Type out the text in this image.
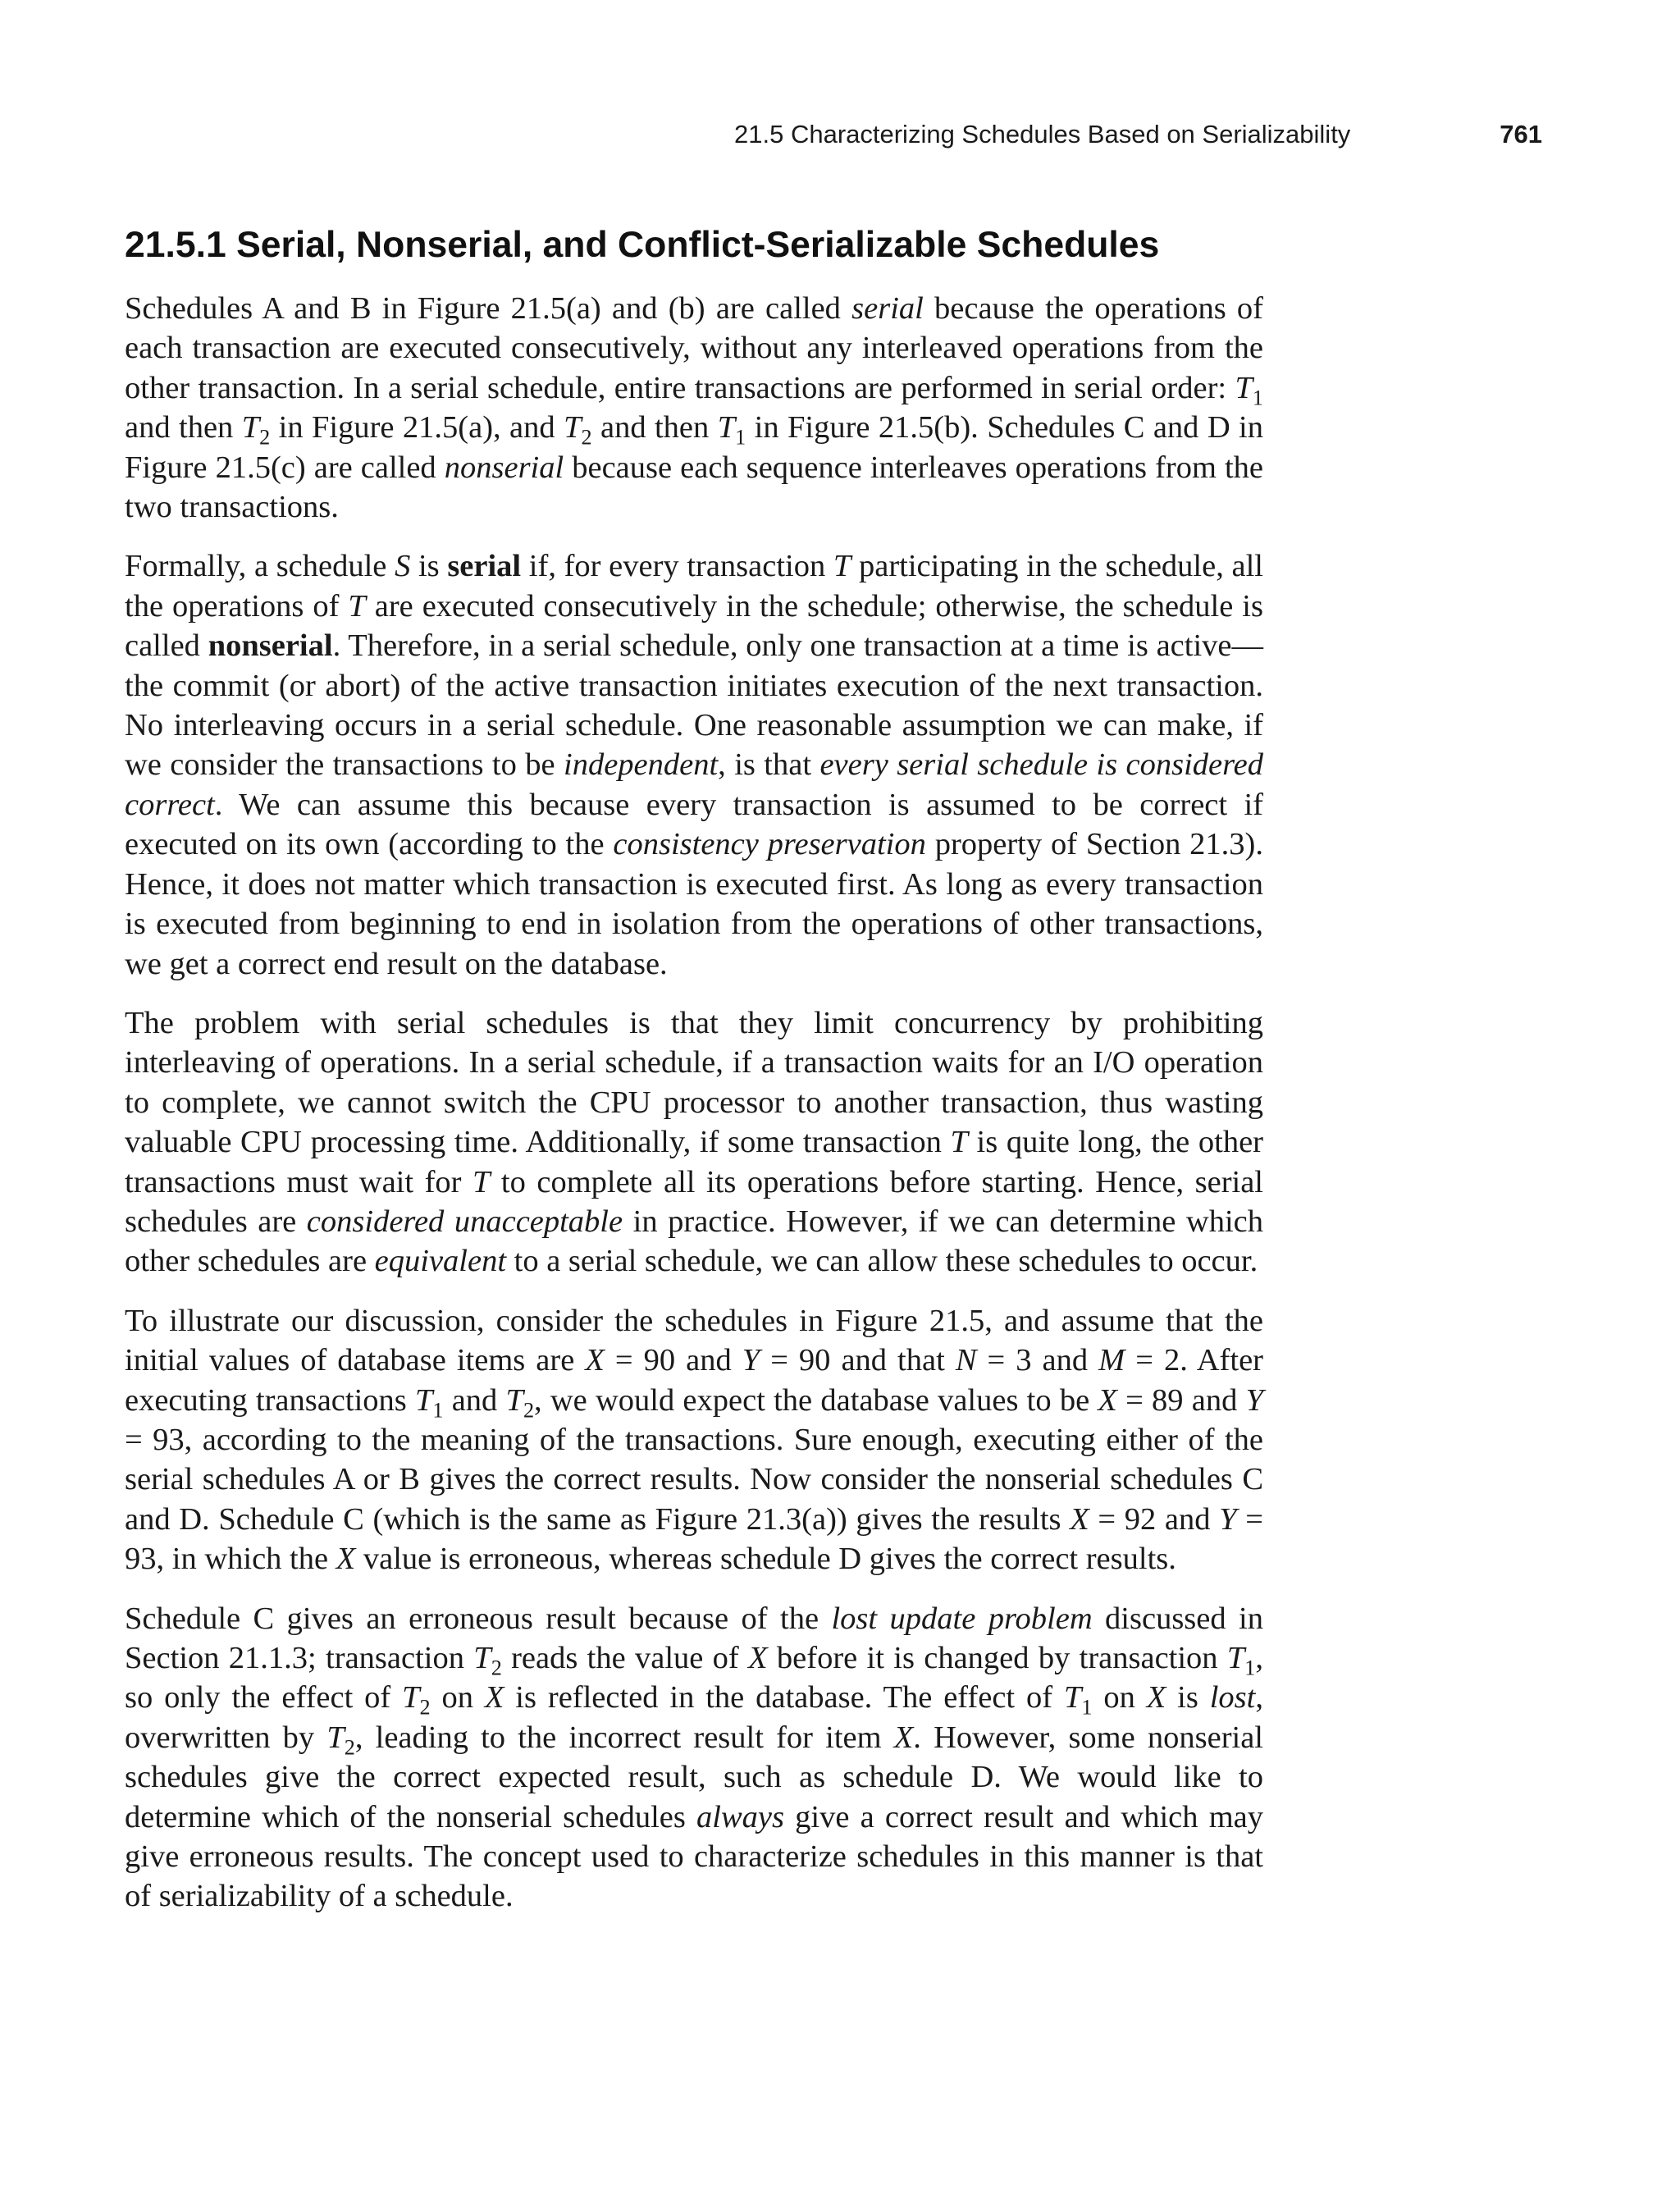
21.5 Characterizing Schedules Based on Serializability	761
21.5.1 Serial, Nonserial, and Conflict-Serializable Schedules

Schedules A and B in Figure 21.5(a) and (b) are called serial because the operations of each transaction are executed consecutively, without any interleaved operations from the other transaction. In a serial schedule, entire transactions are performed in serial order: $T_1$ and then $T_2$ in Figure 21.5(a), and $T_2$ and then $T_1$ in Figure 21.5(b). Schedules C and D in Figure 21.5(c) are called nonserial because each sequence interleaves operations from the two transactions.

Formally, a schedule S is serial if, for every transaction T participating in the schedule, all the operations of T are executed consecutively in the schedule; otherwise, the schedule is called nonserial. Therefore, in a serial schedule, only one transaction at a time is active—the commit (or abort) of the active transaction initiates execution of the next transaction. No interleaving occurs in a serial schedule. One reasonable assumption we can make, if we consider the transactions to be independent, is that every serial schedule is considered correct. We can assume this because every transaction is assumed to be correct if executed on its own (according to the consistency preservation property of Section 21.3). Hence, it does not matter which transaction is executed first. As long as every transaction is executed from beginning to end in isolation from the operations of other transactions, we get a correct end result on the database.

The problem with serial schedules is that they limit concurrency by prohibiting interleaving of operations. In a serial schedule, if a transaction waits for an I/O operation to complete, we cannot switch the CPU processor to another transaction, thus wasting valuable CPU processing time. Additionally, if some transaction T is quite long, the other transactions must wait for T to complete all its operations before starting. Hence, serial schedules are considered unacceptable in practice. However, if we can determine which other schedules are equivalent to a serial schedule, we can allow these schedules to occur.

To illustrate our discussion, consider the schedules in Figure 21.5, and assume that the initial values of database items are X = 90 and Y = 90 and that N = 3 and M = 2. After executing transactions $T_1$ and $T_2$, we would expect the database values to be X = 89 and Y = 93, according to the meaning of the transactions. Sure enough, executing either of the serial schedules A or B gives the correct results. Now consider the nonserial schedules C and D. Schedule C (which is the same as Figure 21.3(a)) gives the results X = 92 and Y = 93, in which the X value is erroneous, whereas schedule D gives the correct results.

Schedule C gives an erroneous result because of the lost update problem discussed in Section 21.1.3; transaction $T_2$ reads the value of X before it is changed by transaction $T_1$, so only the effect of $T_2$ on X is reflected in the database. The effect of $T_1$ on X is lost, overwritten by $T_2$, leading to the incorrect result for item X. However, some nonserial schedules give the correct expected result, such as schedule D. We would like to determine which of the nonserial schedules always give a correct result and which may give erroneous results. The concept used to characterize schedules in this manner is that of serializability of a schedule.
